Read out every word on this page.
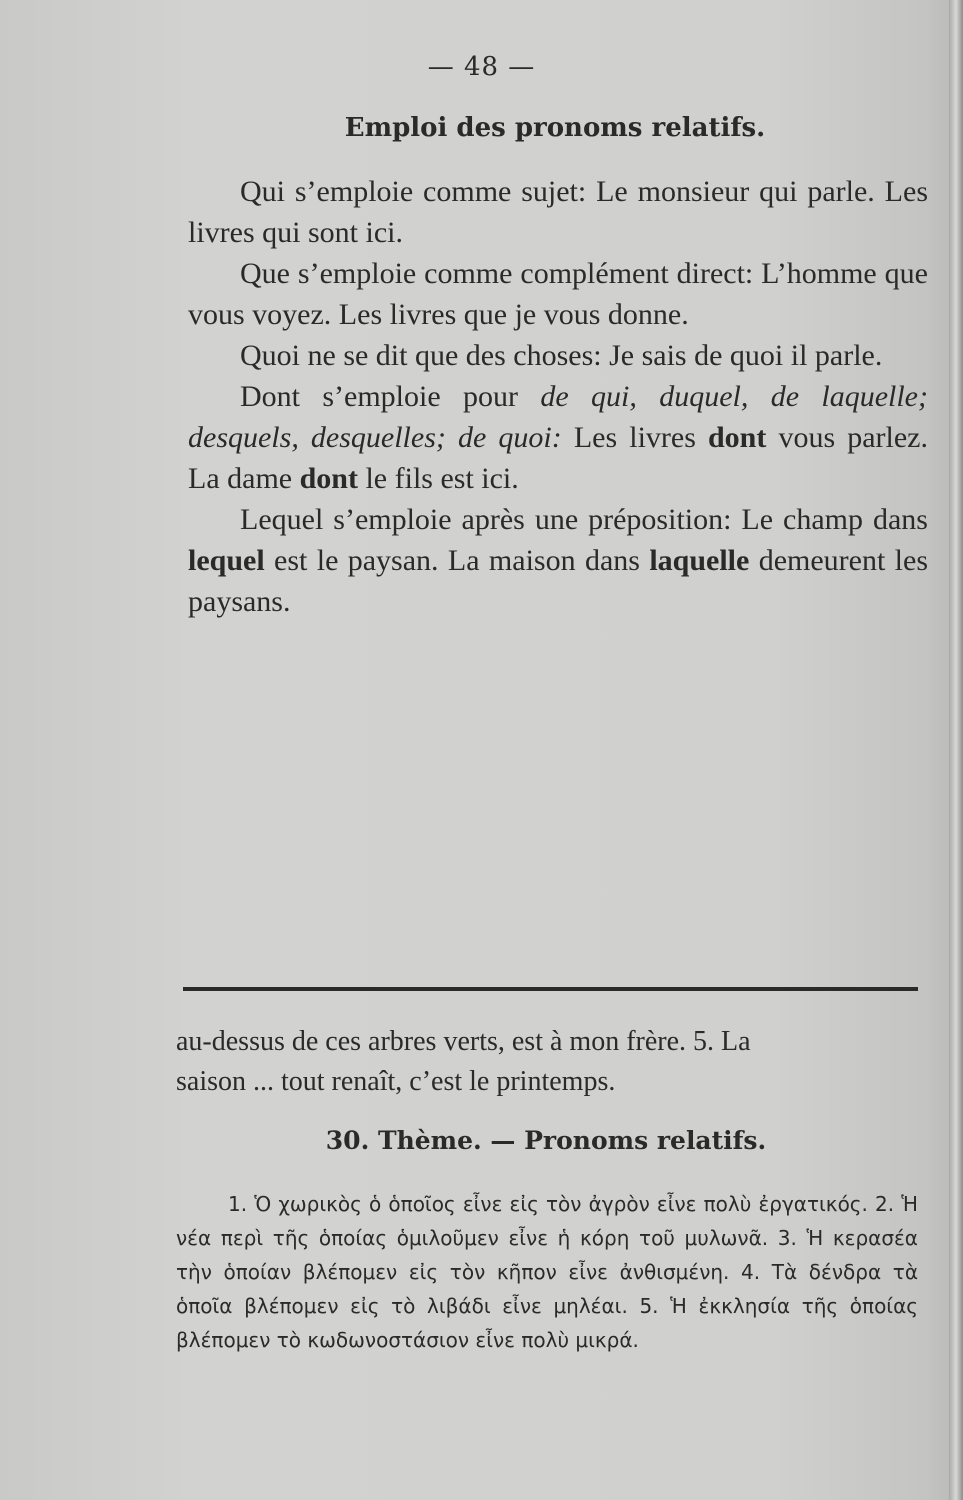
— 48 —
Emploi des pronoms relatifs.

Qui s’emploie comme sujet: Le monsieur qui parle. Les livres qui sont ici.

Que s’emploie comme complément direct: L’homme que vous voyez. Les livres que je vous donne.

Quoi ne se dit que des choses: Je sais de quoi il parle.

Dont s’emploie pour de qui, duquel, de laquelle; desquels, desquelles; de quoi: Les livres dont vous parlez. La dame dont le fils est ici.

Lequel s’emploie après une préposition: Le champ dans lequel est le paysan. La maison dans laquelle demeurent les paysans.

au-dessus de ces arbres verts, est à mon frère. 5. La
saison ... tout renaît, c’est le printemps.
30. Thème. — Pronoms relatifs.

1. Ὁ χωρικὸς ὁ ὁποῖος εἶνε εἰς τὸν ἀγρὸν εἶνε πολὺ ἐργατικός. 2. Ἡ νέα περὶ τῆς ὁποίας ὁμιλοῦμεν εἶνε ἡ κόρη τοῦ μυλωνᾶ. 3. Ἡ κερασέα τὴν ὁποίαν βλέπομεν εἰς τὸν κῆπον εἶνε ἀνθισμένη. 4. Τὰ δένδρα τὰ ὁποῖα βλέπομεν εἰς τὸ λιβάδι εἶνε μηλέαι. 5. Ἡ ἐκκλησία τῆς ὁποίας βλέπομεν τὸ κωδωνοστάσιον εἶνε πολὺ μικρά.
